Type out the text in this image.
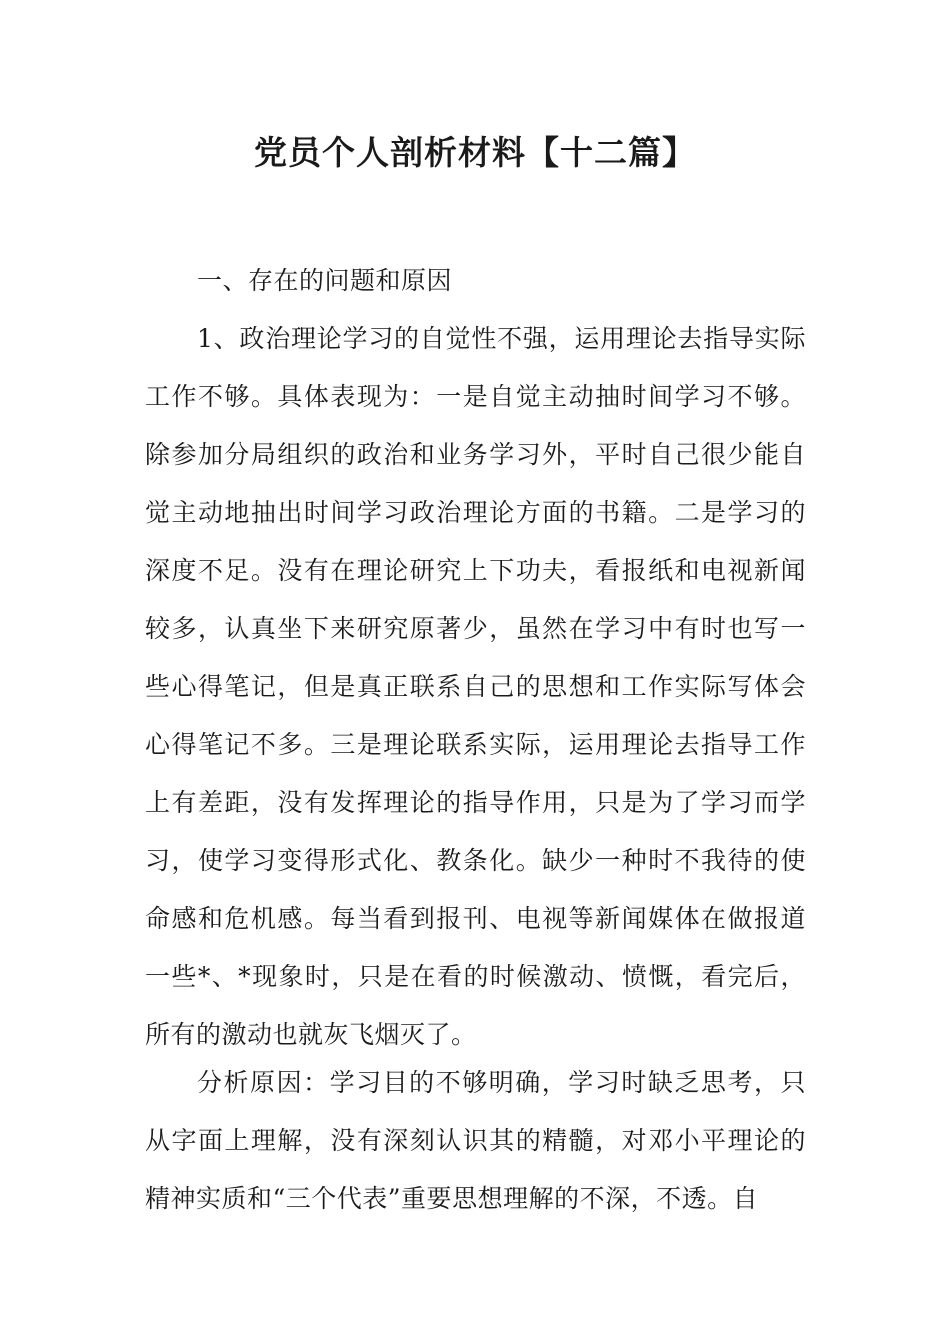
党员个人剖析材料【十二篇】

一、存在的问题和原因

1、政治理论学习的自觉性不强，运用理论去指导实际工作不够。具体表现为：一是自觉主动抽时间学习不够。除参加分局组织的政治和业务学习外，平时自己很少能自觉主动地抽出时间学习政治理论方面的书籍。二是学习的深度不足。没有在理论研究上下功夫，看报纸和电视新闻较多，认真坐下来研究原著少，虽然在学习中有时也写一些心得笔记，但是真正联系自己的思想和工作实际写体会心得笔记不多。三是理论联系实际，运用理论去指导工作上有差距，没有发挥理论的指导作用，只是为了学习而学习，使学习变得形式化、教条化。缺少一种时不我待的使命感和危机感。每当看到报刊、电视等新闻媒体在做报道一些*、*现象时，只是在看的时候激动、愤慨，看完后，所有的激动也就灰飞烟灭了。

分析原因：学习目的不够明确，学习时缺乏思考，只从字面上理解，没有深刻认识其的精髓，对邓小平理论的精神实质和“三个代表”重要思想理解的不深，不透。自
